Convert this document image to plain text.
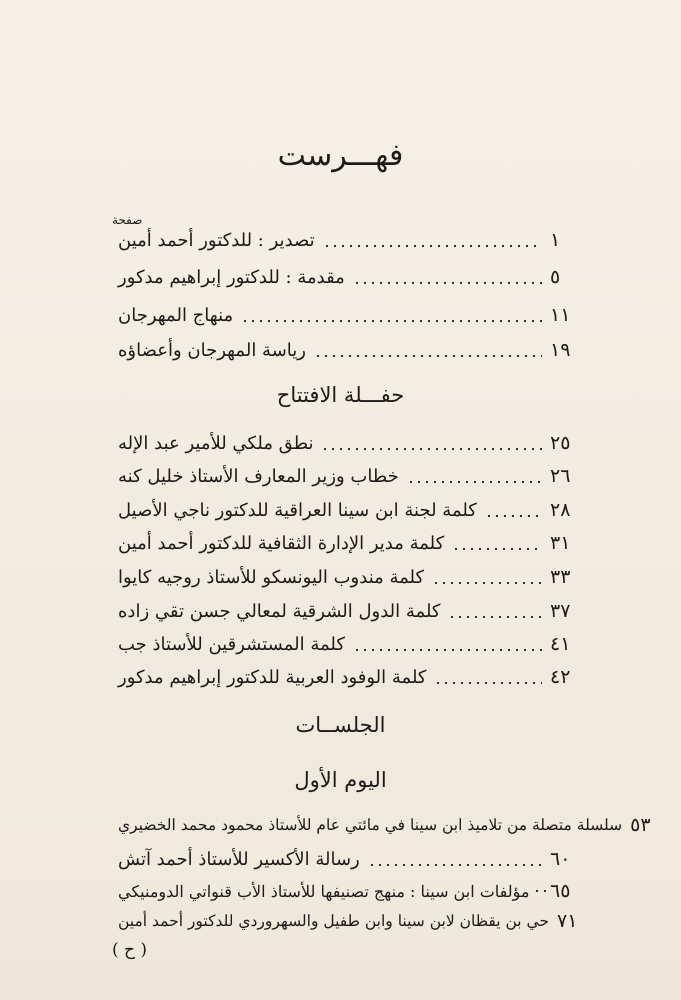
فهـــرست
صفحة
تصدير : للدكتور أحمد أمين	١
مقدمة : للدكتور إبراهيم مدكور	٥
منهاج المهرجان	١١
رياسة المهرجان وأعضاؤه	١٩
حفـــلة الافتتاح
نطق ملكي للأمير عبد الإله	٢٥
خطاب وزير المعارف الأستاذ خليل كنه	٢٦
كلمة لجنة ابن سينا العراقية للدكتور ناجي الأصيل	٢٨
كلمة مدير الإدارة الثقافية للدكتور أحمد أمين	٣١
كلمة مندوب اليونسكو للأستاذ روجيه كايوا	٣٣
كلمة الدول الشرقية لمعالي جسن تقي زاده	٣٧
كلمة المستشرقين للأستاذ جب	٤١
كلمة الوفود العربية للدكتور إبراهيم مدكور	٤٢
الجلســات
اليوم الأول
سلسلة متصلة من تلاميذ ابن سينا في مائتي عام للأستاذ محمود محمد الخضيري ٥٣
رسالة الأكسير للأستاذ أحمد آتش	٦٠
مؤلفات ابن سينا : منهج تصنيفها للأستاذ الأب قنواتي الدومنيكي ٦٥
حي بن يقظان لابن سينا وابن طفيل والسهروردي للدكتور أحمد أمين ٧١
( ح )
